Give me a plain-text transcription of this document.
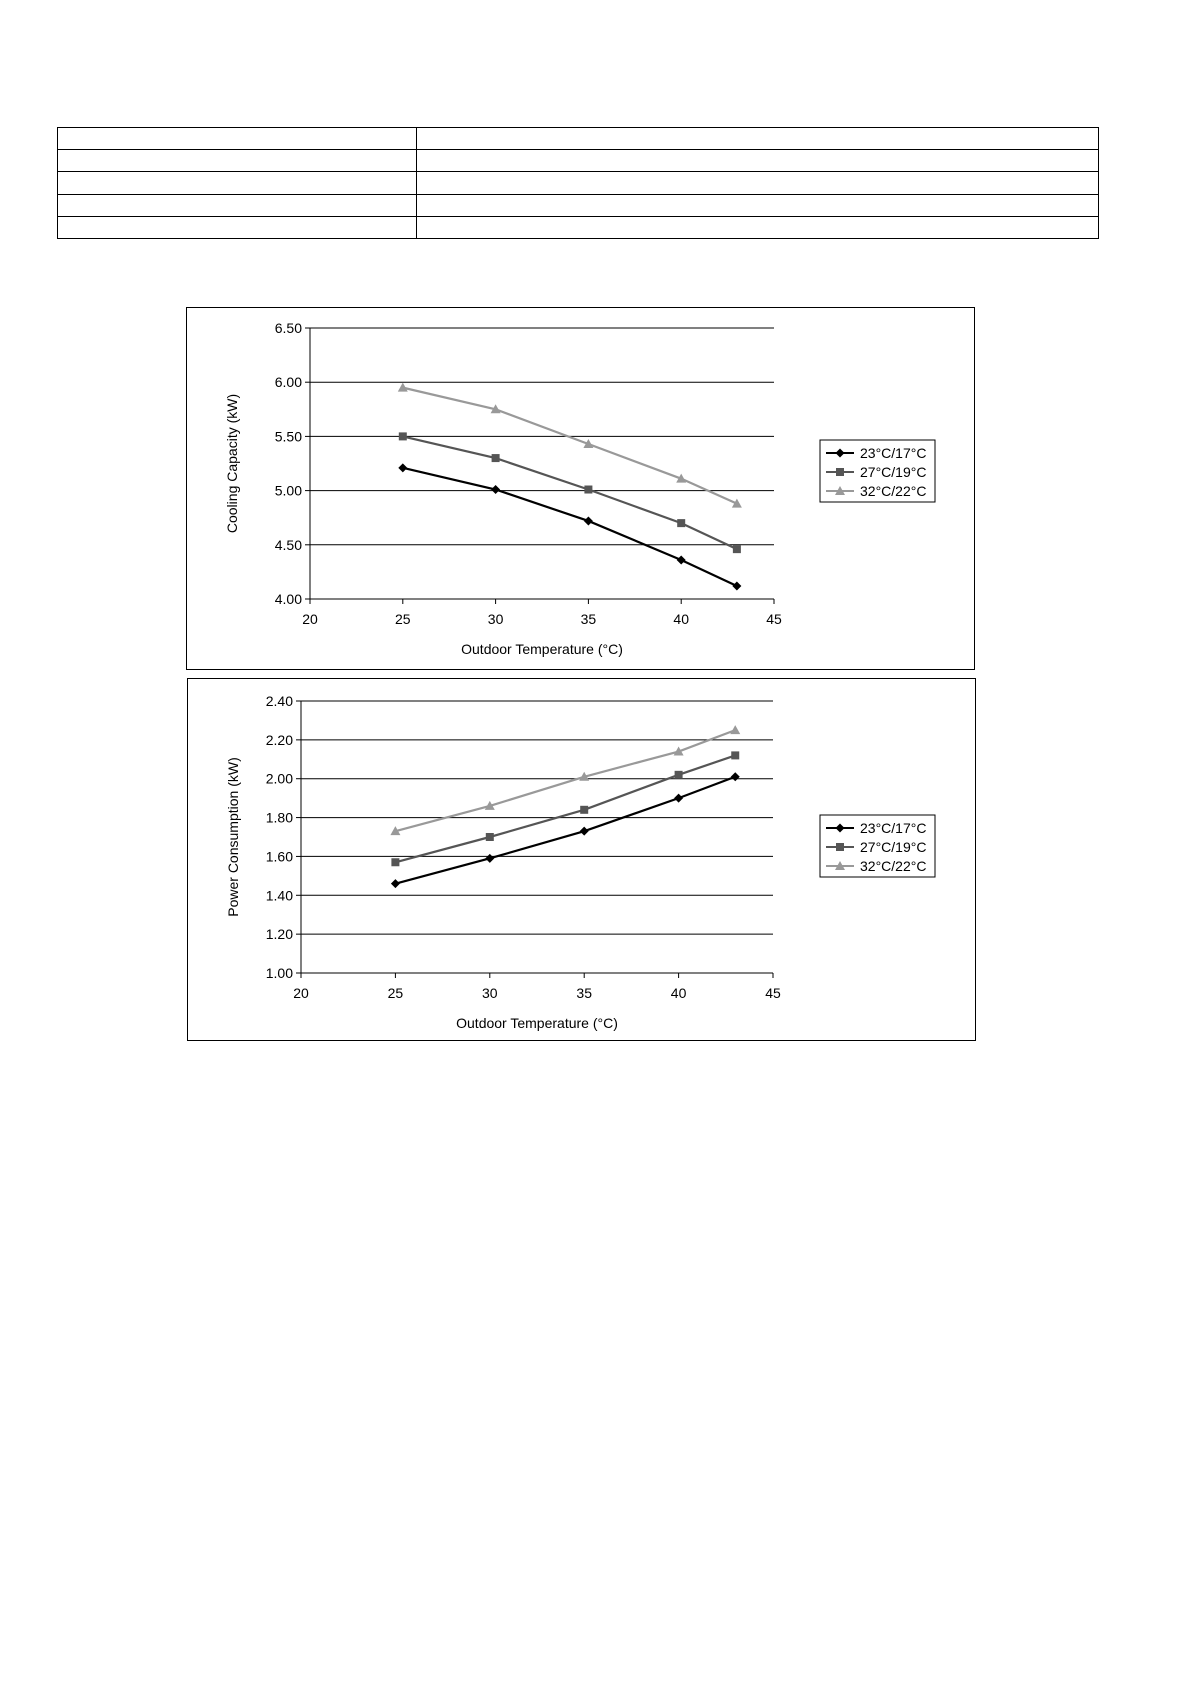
4.00
4.50
5.00
5.50
6.00
6.50
20	25	30	35	40	45
Outdoor Temperature (°C)
Cooling Capacity (kW)	23°C/17°C
27°C/19°C
32°C/22°C
1.00
1.20
1.40
1.60
1.80
2.00
2.20
2.40
20	25	30	35	40	45
Outdoor Temperature (°C)
Power Consumption (kW)	23°C/17°C
27°C/19°C
32°C/22°C
